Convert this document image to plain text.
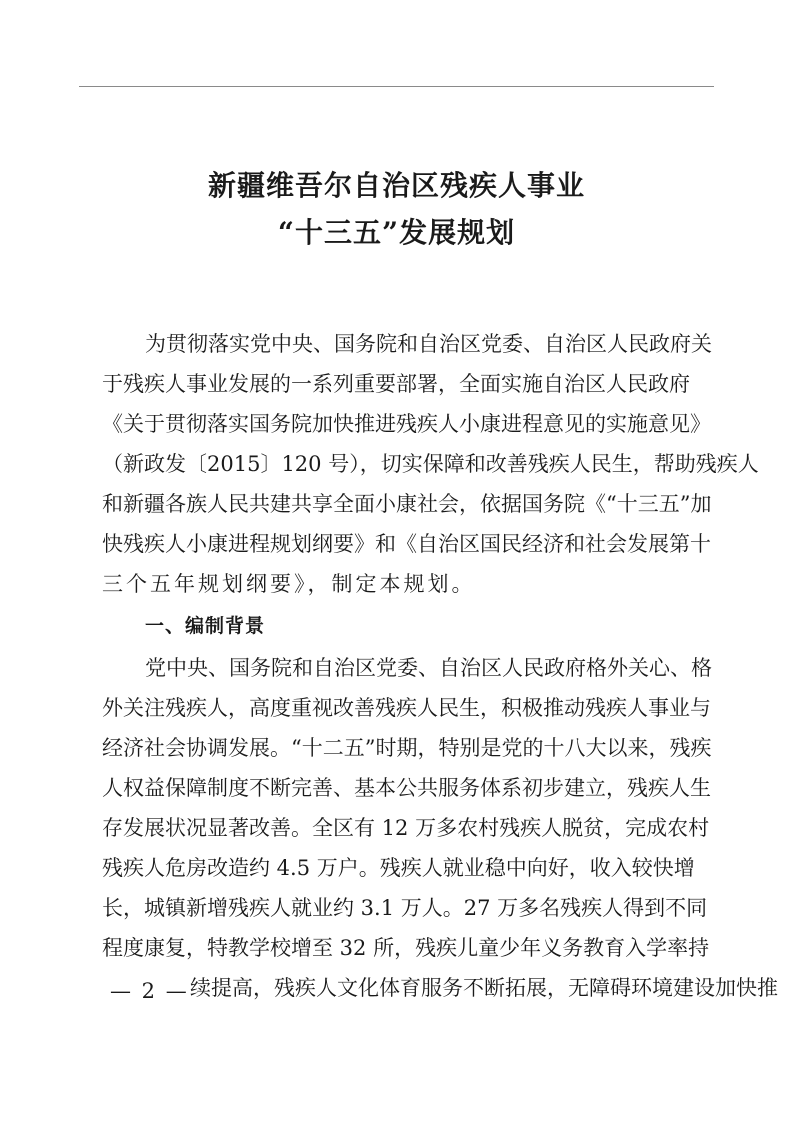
新疆维吾尔自治区残疾人事业
“十三五”发展规划
为贯彻落实党中央、国务院和自治区党委、自治区人民政府关
于残疾人事业发展的一系列重要部署，全面实施自治区人民政府
《关于贯彻落实国务院加快推进残疾人小康进程意见的实施意见》
（新政发〔2015〕120 号），切实保障和改善残疾人民生，帮助残疾人
和新疆各族人民共建共享全面小康社会，依据国务院《“十三五”加
快残疾人小康进程规划纲要》和《自治区国民经济和社会发展第十
三个五年规划纲要》，制定本规划。
一、编制背景
党中央、国务院和自治区党委、自治区人民政府格外关心、格
外关注残疾人，高度重视改善残疾人民生，积极推动残疾人事业与
经济社会协调发展。“十二五”时期，特别是党的十八大以来，残疾
人权益保障制度不断完善、基本公共服务体系初步建立，残疾人生
存发展状况显著改善。全区有 12 万多农村残疾人脱贫，完成农村
残疾人危房改造约 4.5 万户。残疾人就业稳中向好，收入较快增
长，城镇新增残疾人就业约 3.1 万人。27 万多名残疾人得到不同
程度康复，特教学校增至 32 所，残疾儿童少年义务教育入学率持
续提高，残疾人文化体育服务不断拓展，无障碍环境建设加快推
— 2 —
